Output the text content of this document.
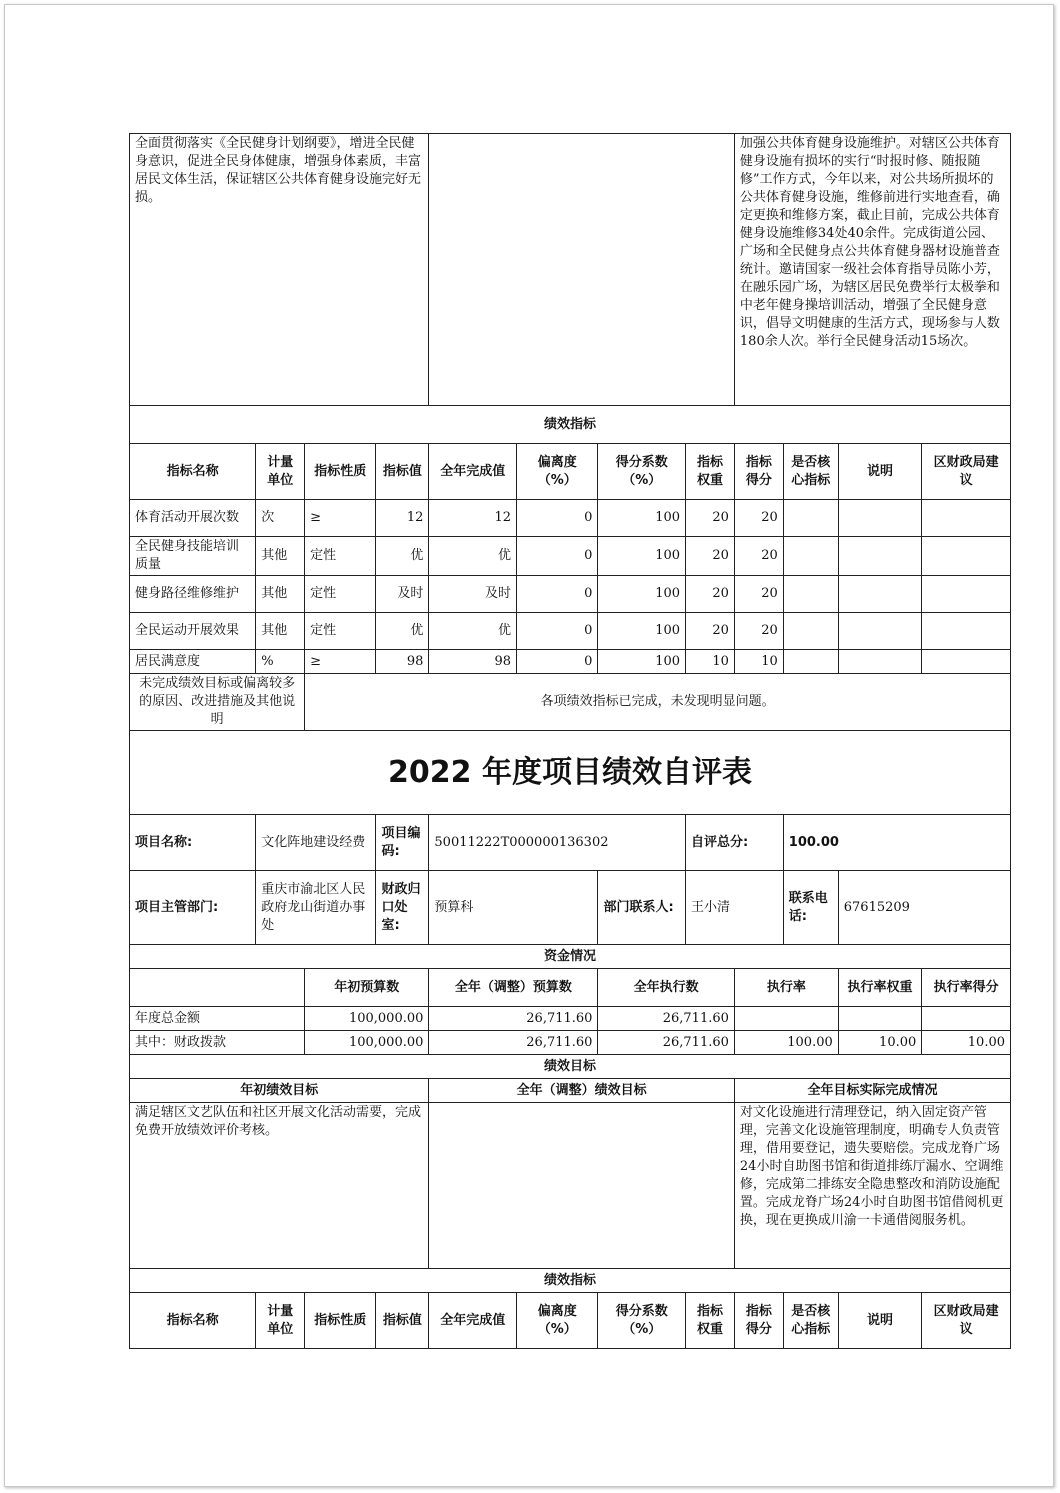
全面贯彻落实《全民健身计划纲要》，增进全民健身意识，促进全民身体健康，增强身体素质，丰富居民文体生活，保证辖区公共体育健身设施完好无损。								加强公共体育健身设施维护。对辖区公共体育健身设施有损坏的实行“时报时修、随报随修”工作方式，今年以来，对公共场所损坏的公共体育健身设施，维修前进行实地查看，确定更换和维修方案，截止目前，完成公共体育健身设施维修34处40余件。完成街道公园、广场和全民健身点公共体育健身器材设施普查统计。邀请国家一级社会体育指导员陈小芳，在融乐园广场，为辖区居民免费举行太极拳和中老年健身操培训活动，增强了全民健身意识，倡导文明健康的生活方式，现场参与人数180余人次。举行全民健身活动15场次。			
绩效指标											
指标名称	计量单位	指标性质	指标值	全年完成值	偏离度（%）	得分系数（%）	指标权重	指标得分	是否核心指标	说明	区财政局建议
体育活动开展次数	次	≥	12	12	0	100	20	20			
全民健身技能培训质量	其他	定性	优	优	0	100	20	20			
健身路径维修维护	其他	定性	及时	及时	0	100	20	20			
全民运动开展效果	其他	定性	优	优	0	100	20	20			
居民满意度	%	≥	98	98	0	100	10	10			
未完成绩效目标或偏离较多的原因、改进措施及其他说明		各项绩效指标已完成，未发现明显问题。									
2022 年度项目绩效自评表											
项目名称:	文化阵地建设经费		项目编码:	50011222T000000136302			自评总分:		100.00		
项目主管部门:	重庆市渝北区人民政府龙山街道办事处		财政归口处室:	预算科		部门联系人:	王小清		联系电话:	67615209	
资金情况											
		年初预算数		全年（调整）预算数		全年执行数		执行率		执行率权重	执行率得分
年度总金额		100,000.00		26,711.60		26,711.60					
其中：财政拨款		100,000.00		26,711.60		26,711.60		100.00		10.00	10.00
绩效目标											
年初绩效目标				全年（调整）绩效目标				全年目标实际完成情况			
满足辖区文艺队伍和社区开展文化活动需要，完成免费开放绩效评价考核。								对文化设施进行清理登记，纳入固定资产管理，完善文化设施管理制度，明确专人负责管理，借用要登记，遗失要赔偿。完成龙脊广场24小时自助图书馆和街道排练厅漏水、空调维修，完成第二排练安全隐患整改和消防设施配置。完成龙脊广场24小时自助图书馆借阅机更换，现在更换成川渝一卡通借阅服务机。			
绩效指标											
指标名称	计量单位	指标性质	指标值	全年完成值	偏离度（%）	得分系数（%）	指标权重	指标得分	是否核心指标	说明	区财政局建议
